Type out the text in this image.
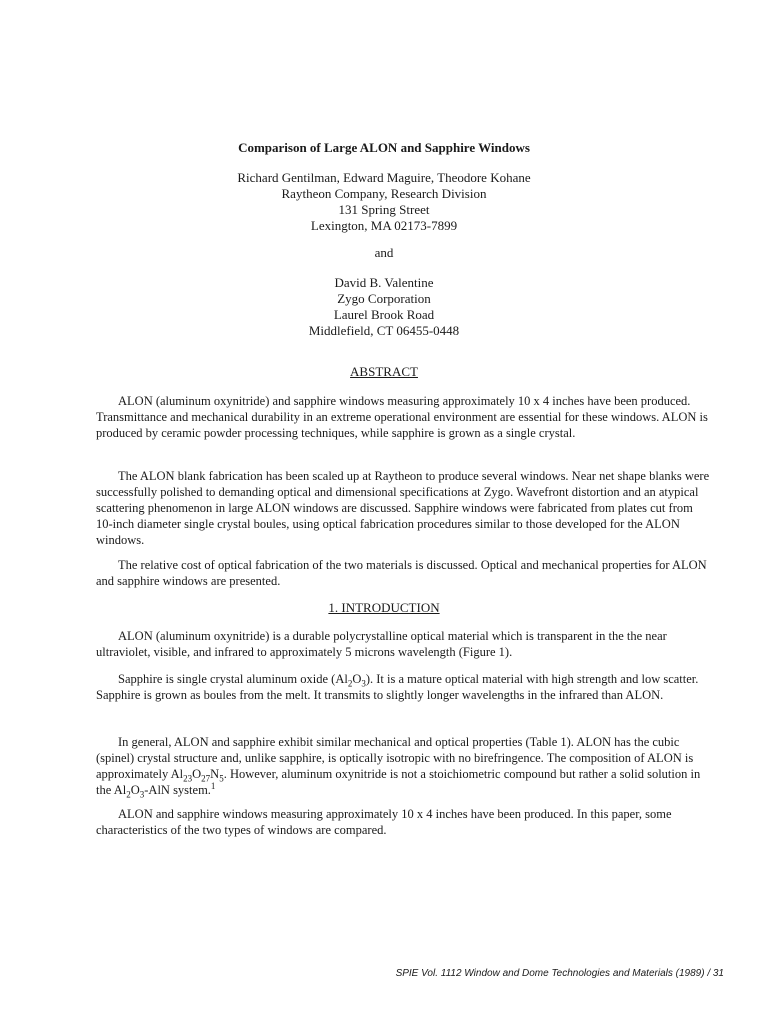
Comparison of Large ALON and Sapphire Windows
Richard Gentilman, Edward Maguire, Theodore Kohane
Raytheon Company, Research Division
131 Spring Street
Lexington, MA 02173-7899
and
David B. Valentine
Zygo Corporation
Laurel Brook Road
Middlefield, CT 06455-0448
ABSTRACT
ALON (aluminum oxynitride) and sapphire windows measuring approximately 10 x 4 inches have been produced. Transmittance and mechanical durability in an extreme operational environment are essential for these windows. ALON is produced by ceramic powder processing techniques, while sapphire is grown as a single crystal.
The ALON blank fabrication has been scaled up at Raytheon to produce several windows. Near net shape blanks were successfully polished to demanding optical and dimensional specifications at Zygo. Wavefront distortion and an atypical scattering phenomenon in large ALON windows are discussed. Sapphire windows were fabricated from plates cut from 10-inch diameter single crystal boules, using optical fabrication procedures similar to those developed for the ALON windows.
The relative cost of optical fabrication of the two materials is discussed. Optical and mechanical properties for ALON and sapphire windows are presented.
1. INTRODUCTION
ALON (aluminum oxynitride) is a durable polycrystalline optical material which is transparent in the the near ultraviolet, visible, and infrared to approximately 5 microns wavelength (Figure 1).
Sapphire is single crystal aluminum oxide $(Al_2O_3)$. It is a mature optical material with high strength and low scatter. Sapphire is grown as boules from the melt. It transmits to slightly longer wavelengths in the infrared than ALON.
In general, ALON and sapphire exhibit similar mechanical and optical properties (Table 1). ALON has the cubic (spinel) crystal structure and, unlike sapphire, is optically isotropic with no birefringence. The composition of ALON is approximately $Al_{23}O_{27}N_5$. However, aluminum oxynitride is not a stoichiometric compound but rather a solid solution in the $Al_2O_3$-AlN system.$^1$
ALON and sapphire windows measuring approximately 10 x 4 inches have been produced. In this paper, some characteristics of the two types of windows are compared.
SPIE Vol. 1112 Window and Dome Technologies and Materials (1989) / 31
